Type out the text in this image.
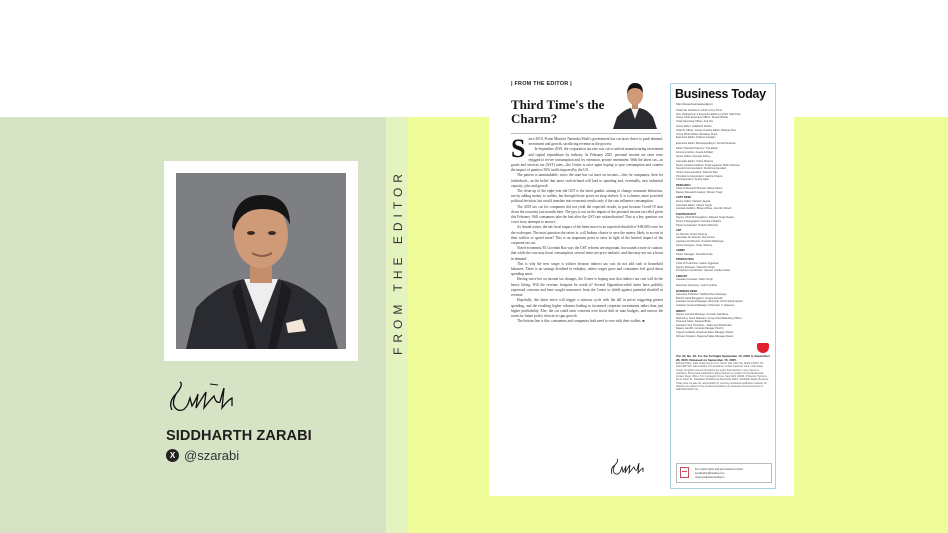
SIDDHARTH ZARABI
X @szarabi
FROM THE EDITOR
| FROM THE EDITOR |
Third Time's the Charm?
S ince 2019, Prime Minister Narendra Modi's government has cut taxes thrice to push demand, investment and growth, sacrificing revenue in the process.

In September 2019, the corporation tax rate was cut to unlock manufacturing investment and capital expenditure by industry. In February 2025, personal income tax rates were rejigged to revive consumption and, by extension, private investment. With the latest cut—in goods and services tax (GST) rates—the Centre is once again hoping to spur consumption and counter the impact of punitive 50% tariffs imposed by the US.

The pattern is unmistakable: twice the state has cut taxes on income—first for companies, then for individuals—in the belief that more cash-in-hand will lead to spending and, eventually, new industrial capacity, jobs and growth.

The clean-up of the eight-year-old GST is the latest gambit, aiming to change consumer behaviour, not by adding money to wallets, but through lower prices on shop shelves. It is a cleaner, more powerful political decision, but would translate into economic results only if the cuts influence consumption.

The 2019 tax cut for companies did not yield the expected results, in part because Covid-19 shut down the economy just months later. The jury is out on the impact of the personal income tax relief given this February. Will consumers take the bait after the GST rate rationalisation? That is a key question our cover story attempts to answer.

As Anand writes, the net fiscal impact of the latest move is an expected shortfall of ₹48,000 crore for the exchequer. The most question she raises is: will Indians choose to save the money likely to accrue in their wallets or spend more? This is an important point to raise in light of the limited impact of the corporate tax cut.

Noted economist M. Govinda Rao says the GST reforms are important, but sounds a note of caution: that while the cuts may boost consumption, several items are price inelastic, and thus may not see a boost in demand.

This is why the new wager is trickier because indirect tax cuts do not add cash to household balances. There is no savings dividend to redeploy, unless wages grow and consumers feel good about spending more.

Having twice bet on income tax changes, the Centre is hoping now that indirect tax cuts will do the heavy lifting. Will the revenue foregone be worth it? Several Opposition-ruled states have publicly expressed concerns and have sought assurances from the Centre to shield against potential shortfall in revenue.

Hopefully, this latest move will trigger a virtuous cycle with the fall in prices triggering greater spending, and the resulting higher volumes leading to increased corporate investments rather than just higher profitability. Else, the cut could raise concerns over fiscal drift in state budgets, and narrow the room for future policy choices to spur growth.

The bottom line is this: consumers and companies both need to vote with their wallets. ■

Business Today
http://www.businesstoday.in
Chairman & Editor-in-Chief: Aroon Purie
Vice Chairperson & Executive Editor-in-Chief: Kalli Purie
Group Chief Executive Officer: Dinesh Bhatia
Chief Operating Officer: Anil Jha
Group Editor: Siddharth Zarabi
Chief AI Officer, Group Creative Editor: Nilanjan Das
Group Photo Editor: Bandeep Singh
Executive Editor: Krishna Gopalan
Executive Editor, Businesstoday.in: Sonal Khetarpal
Editor (Special Projects): Tina Edwin
Economy Editor: Anand Adhikari
Senior Editor: Navneet Dubey
Associate Editor: Chitra Sharma
Senior Assistant Editors: Pratik Agarwal, Ridhu Sharma
Special Correspondent: Karishma Asoodani
Senior Correspondent: Rukmini Rao
Principal Correspondent: Aastha Chopra
Correspondent: Sneha Jalan
RESEARCH
Chief of Research Bureau: Rahul Oberoi
Deputy Research Analyst: Shivam Tyagi
COPY DESK
Senior Editor: Mahesh Jagota
Associate Editor: Vikram Gogoi
Assistant Editors: Bhavna Bose, Jennifer Ghosh
PHOTOGRAPHY
Deputy Chief Photographer: Rajwant Singh Rawat
Senior Photographer: Nandita Chhabra
Photo Coordinator: Prabhu Mehrotra
ART
Art Director: Rahul Sharma
Associate Art Director: Raj Verma
Assistant Art Director: Kaushik Mukherjee
Senior Designer: Vinay Sharma
ADMIN
Senior Manager: Saurabh Dutta
PRODUCTION
Chief of Production: Harish Aggarwal
Deputy Manager: Narendra Singh
Production Coordinator: Ajimpal, Gurdial Yadav
LIBRARY
Assistant Librarian: Satbir Singh
Executive Secretary: Jyoti Kumbhar
BUSINESS DESK
Associate Publisher: Madhuchha Chatterjee
Branch Head Bengaluru: Vinaya Kamath
Assistant General Manager (Mumbai): Rohit Subramanian
Assistant General Manager (Chennai): V. Vaivasan
IMPACT
Deputy General Manager: Arvinder Sachdeva
Marketing: Vivek Malhotra, Group Chief Marketing Officer
Personal Sales: Deepak Bhatt
Assistant Vice President – Sales and Distribution
Rajeev Gandhi, General Manager (North)
Yogesh Godbole, Regional Sales Manager (West)
Shivram Sivaram, Regional Sales Manager (East)
Vol. 34, No. 20. For the fortnight September 15, 2025 to September 28, 2025. Released on September 15, 2025.
Editorial Office: India Today Group, FC-8, Sector 16A, Film City, Noida 201301. Tel: 0120-4807100. Subscriptions: For assistance contact Customer Care, India Today Group. All rights reserved throughout the world. Reproduction in any manner is prohibited. Printed and published by Manoj Sharma on behalf of Living Media India Limited. Regd. Office: K-9, Connaught Circus, New Delhi 110001. Printed at Thomson Press India Ltd., Faridabad. Published at New Delhi. Editor: Siddharth Zarabi. Business Today does not take the responsibility for returning unsolicited publication material. All disputes are subject to the exclusive jurisdiction of competent courts and forums in Delhi/New Delhi only.
For reprint rights and permissions contact syndication@intoday.com
www.syndicationstoday.in
